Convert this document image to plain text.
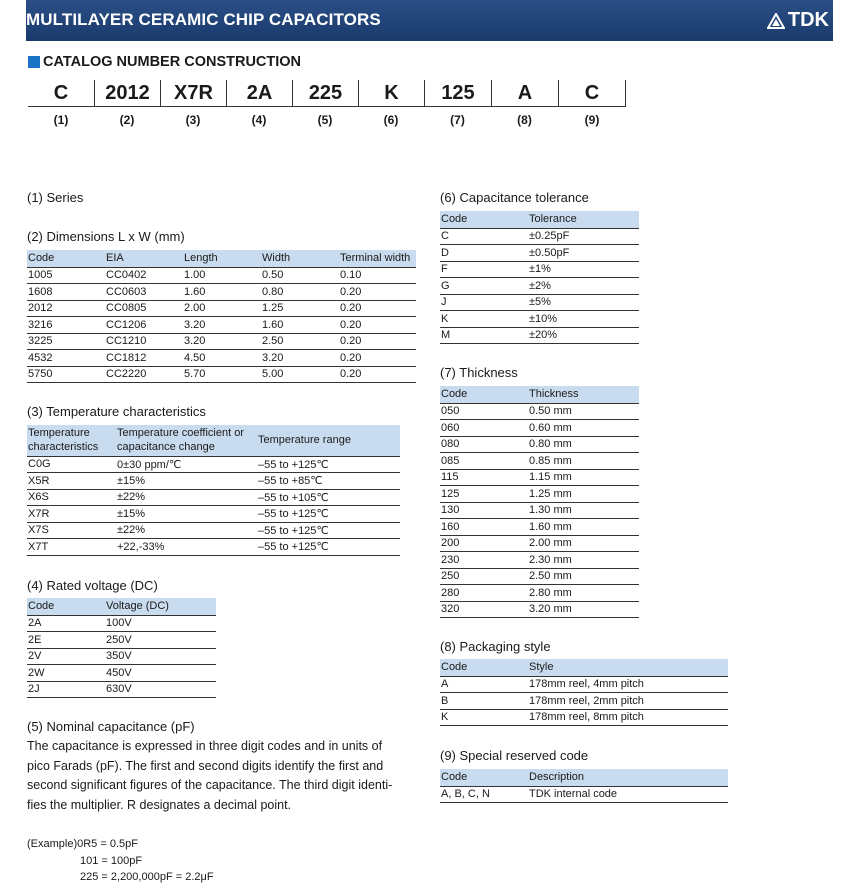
MULTILAYER CERAMIC CHIP CAPACITORS	TDK
CATALOG NUMBER CONSTRUCTION
C	2012	X7R	2A	225	K	125	A	C
(1)	(2)	(3)	(4)	(5)	(6)	(7)	(8)	(9)
(1) Series
(2) Dimensions L x W (mm)
Code	EIA	Length	Width	Terminal width
1005	CC0402	1.00	0.50	0.10
1608	CC0603	1.60	0.80	0.20
2012	CC0805	2.00	1.25	0.20
3216	CC1206	3.20	1.60	0.20
3225	CC1210	3.20	2.50	0.20
4532	CC1812	4.50	3.20	0.20
5750	CC2220	5.70	5.00	0.20
(3) Temperature characteristics
Temperature characteristics	Temperature coefficient or capacitance change	Temperature range
C0G	0±30 ppm/℃	–55 to +125℃
X5R	±15%	–55 to +85℃
X6S	±22%	–55 to +105℃
X7R	±15%	–55 to +125℃
X7S	±22%	–55 to +125℃
X7T	+22,-33%	–55 to +125℃
(4) Rated voltage (DC)
Code	Voltage (DC)
2A	100V
2E	250V
2V	350V
2W	450V
2J	630V
(5) Nominal capacitance (pF)
The capacitance is expressed in three digit codes and in units of
pico Farads (pF). The first and second digits identify the first and
second significant figures of the capacitance. The third digit identi-
fies the multiplier. R designates a decimal point.
(Example)0R5 = 0.5pF
101 = 100pF
225 = 2,200,000pF = 2.2μF
(6) Capacitance tolerance
Code	Tolerance
C	±0.25pF
D	±0.50pF
F	±1%
G	±2%
J	±5%
K	±10%
M	±20%
(7) Thickness
Code	Thickness
050	0.50 mm
060	0.60 mm
080	0.80 mm
085	0.85 mm
115	1.15 mm
125	1.25 mm
130	1.30 mm
160	1.60 mm
200	2.00 mm
230	2.30 mm
250	2.50 mm
280	2.80 mm
320	3.20 mm
(8) Packaging style
Code	Style
A	178mm reel, 4mm pitch
B	178mm reel, 2mm pitch
K	178mm reel, 8mm pitch
(9) Special reserved code
Code	Description
A, B, C, N	TDK internal code
